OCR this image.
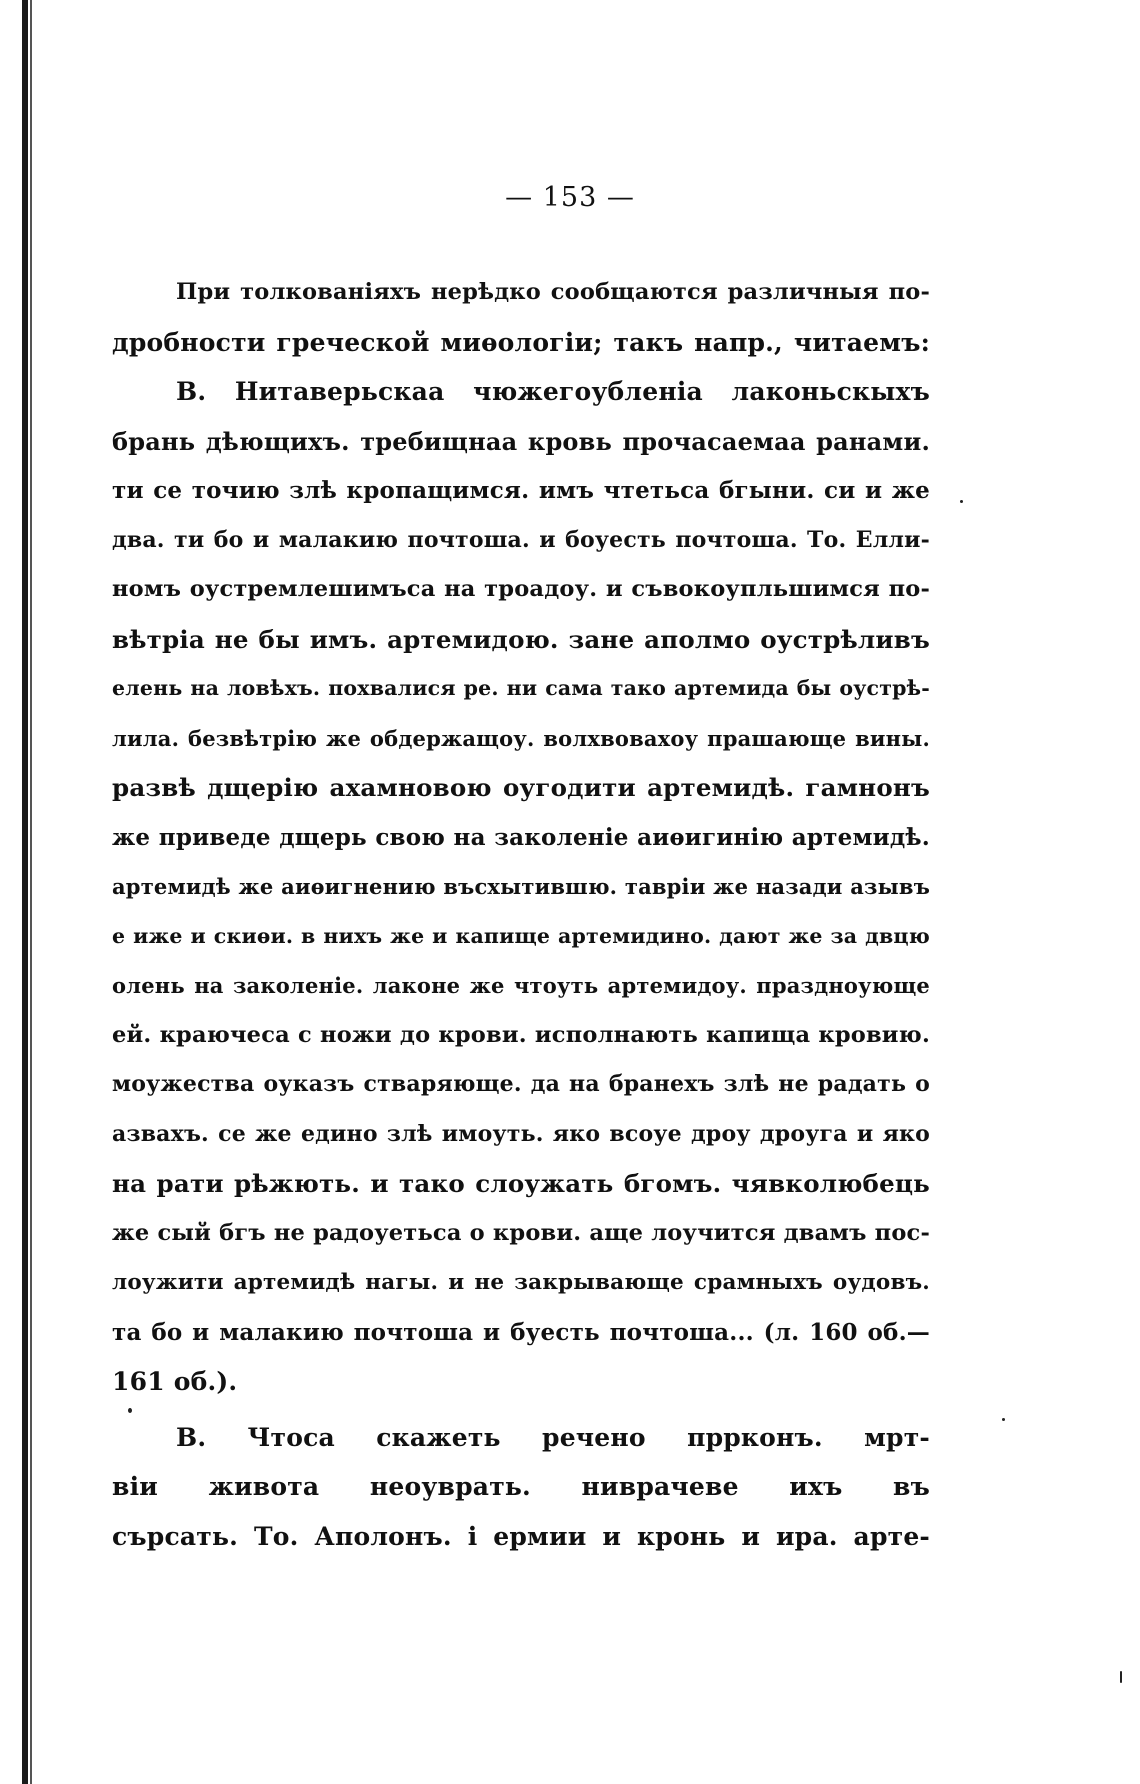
— 153 —
При толкованіяхъ нерѣдко сообщаются различныя по-
дробности греческой миѳологіи; такъ напр., читаемъ:
В. Нитаверьскаа чюжегоубленіа лаконьскыхъ
брань дѣющихъ. требищнаа кровь прочасаемаа ранами.
ти се точию злѣ кропащимся. имъ чтетьса бгыни. си и же
два. ти бо и малакию почтоша. и боуесть почтоша. То. Елли-
номъ оустремлешимъса на троадоу. и съвокоупльшимся по-
вѣтріа не бы имъ. артемидою. зане аполмо оустрѣливъ
елень на ловѣхъ. похвалися ре. ни сама тако артемида бы оустрѣ-
лила. безвѣтрію же обдержащоу. волхвовахоу прашающе вины.
развѣ дщерію ахамновою оугодити артемидѣ. гамнонъ
же приведе дщерь свою на заколеніе аиѳигинію артемидѣ.
артемидѣ же аиѳигнению въсхытившю. тавріи же назади азывъ
е иже и скиѳи. в нихъ же и капище артемидино. дают же за двцю
олень на заколеніе. лаконе же чтоуть артемидоу. праздноующе
ей. краючеса с ножи до крови. исполнають капища кровию.
моужества оуказъ стваряюще. да на бранехъ злѣ не радать о
азвахъ. се же едино злѣ имоуть. яко всоуе дроу дроуга и яко
на рати рѣжють. и тако слоужать бгомъ. чявколюбець
же сый бгъ не радоуетьса о крови. аще лоучится двамъ пос-
лоужити артемидѣ нагы. и не закрывающе срамныхъ оудовъ.
та бо и малакию почтоша и буесть почтоша... (л. 160 об.—
161 об.).
В. Чтоса скажеть речено пррконъ. мрт-
віи живота неоуврать. ниврачеве ихъ въ
сърсать. То. Аполонъ. і ермии и кронь и ира. арте-
